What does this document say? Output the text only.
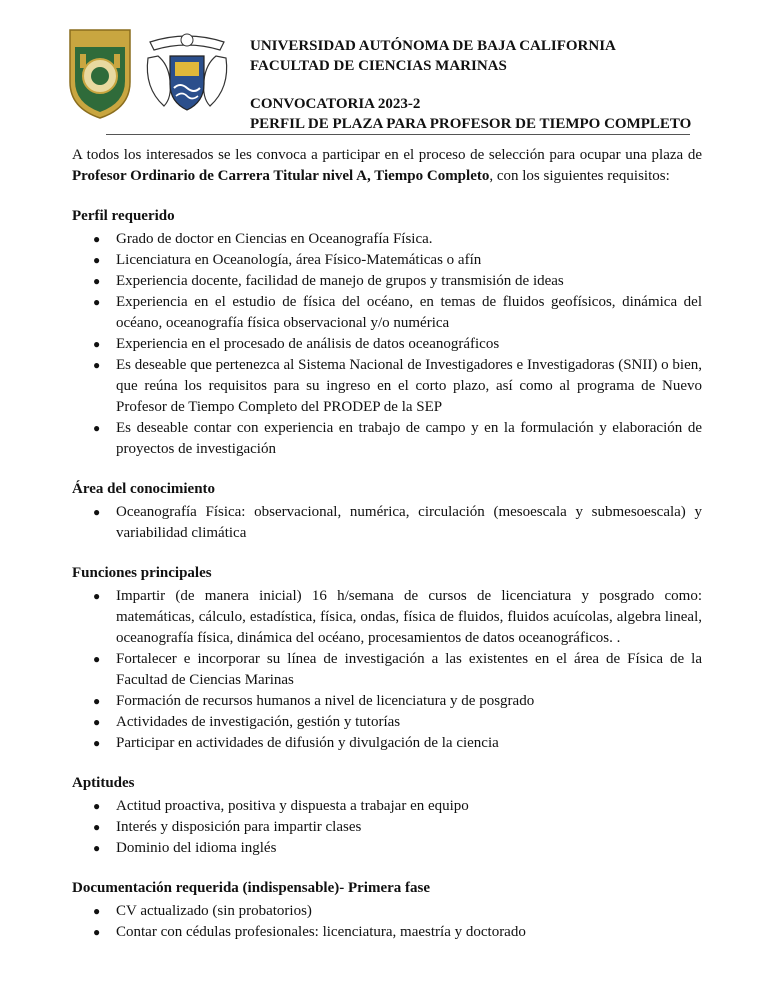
UNIVERSIDAD AUTÓNOMA DE BAJA CALIFORNIA
FACULTAD DE CIENCIAS MARINAS
CONVOCATORIA 2023-2
PERFIL DE PLAZA PARA PROFESOR DE TIEMPO COMPLETO

A todos los interesados se les convoca a participar en el proceso de selección para ocupar una plaza de Profesor Ordinario de Carrera Titular nivel A, Tiempo Completo, con los siguientes requisitos:

Perfil requerido
● Grado de doctor en Ciencias en Oceanografía Física.
● Licenciatura en Oceanología, área Físico-Matemáticas o afín
● Experiencia docente, facilidad de manejo de grupos y transmisión de ideas
● Experiencia en el estudio de física del océano, en temas de fluidos geofísicos, dinámica del océano, oceanografía física observacional y/o numérica
● Experiencia en el procesado de análisis de datos oceanográficos
● Es deseable que pertenezca al Sistema Nacional de Investigadores e Investigadoras (SNII) o bien, que reúna los requisitos para su ingreso en el corto plazo, así como al programa de Nuevo Profesor de Tiempo Completo del PRODEP de la SEP
● Es deseable contar con experiencia en trabajo de campo y en la formulación y elaboración de proyectos de investigación
Área del conocimiento
● Oceanografía Física: observacional, numérica, circulación (mesoescala y submesoescala) y variabilidad climática
Funciones principales
● Impartir (de manera inicial) 16 h/semana de cursos de licenciatura y posgrado como: matemáticas, cálculo, estadística, física, ondas, física de fluidos, fluidos acuícolas, algebra lineal, oceanografía física, dinámica del océano, procesamientos de datos oceanográficos. .
● Fortalecer e incorporar su línea de investigación a las existentes en el área de Física de la Facultad de Ciencias Marinas
● Formación de recursos humanos a nivel de licenciatura y de posgrado
● Actividades de investigación, gestión y tutorías
● Participar en actividades de difusión y divulgación de la ciencia
Aptitudes
● Actitud proactiva, positiva y dispuesta a trabajar en equipo
● Interés y disposición para impartir clases
● Dominio del idioma inglés
Documentación requerida (indispensable)- Primera fase
● CV actualizado (sin probatorios)
● Contar con cédulas profesionales: licenciatura, maestría y doctorado
